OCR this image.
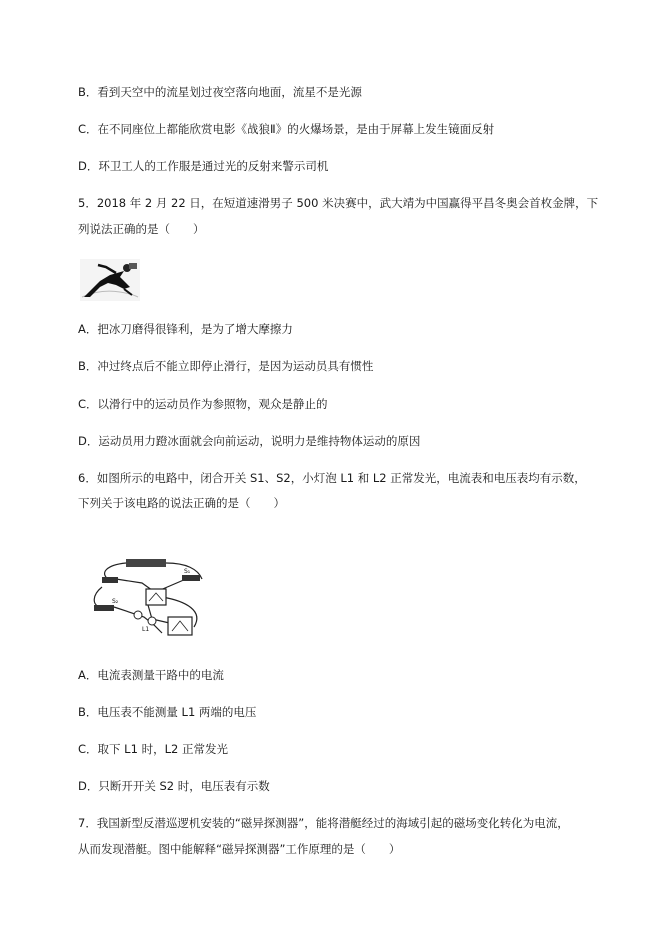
B．看到天空中的流星划过夜空落向地面，流星不是光源
C．在不同座位上都能欣赏电影《战狼Ⅱ》的火爆场景，是由于屏幕上发生镜面反射
D．环卫工人的工作服是通过光的反射来警示司机
5．2018 年 2 月 22 日，在短道速滑男子 500 米决赛中，武大靖为中国赢得平昌冬奥会首枚金牌，下
列说法正确的是（　　）
A．把冰刀磨得很锋利，是为了增大摩擦力
B．冲过终点后不能立即停止滑行，是因为运动员具有惯性
C．以滑行中的运动员作为参照物，观众是静止的
D．运动员用力蹬冰面就会向前运动，说明力是维持物体运动的原因
6．如图所示的电路中，闭合开关 S1、S2，小灯泡 L1 和 L2 正常发光，电流表和电压表均有示数，
下列关于该电路的说法正确的是（　　）
S₁
S₂
L1
A．电流表测量干路中的电流
B．电压表不能测量 L1 两端的电压
C．取下 L1 时，L2 正常发光
D．只断开开关 S2 时，电压表有示数
7．我国新型反潜巡逻机安装的“磁异探测器”，能将潜艇经过的海域引起的磁场变化转化为电流，
从而发现潜艇。图中能解释“磁异探测器”工作原理的是（　　）
